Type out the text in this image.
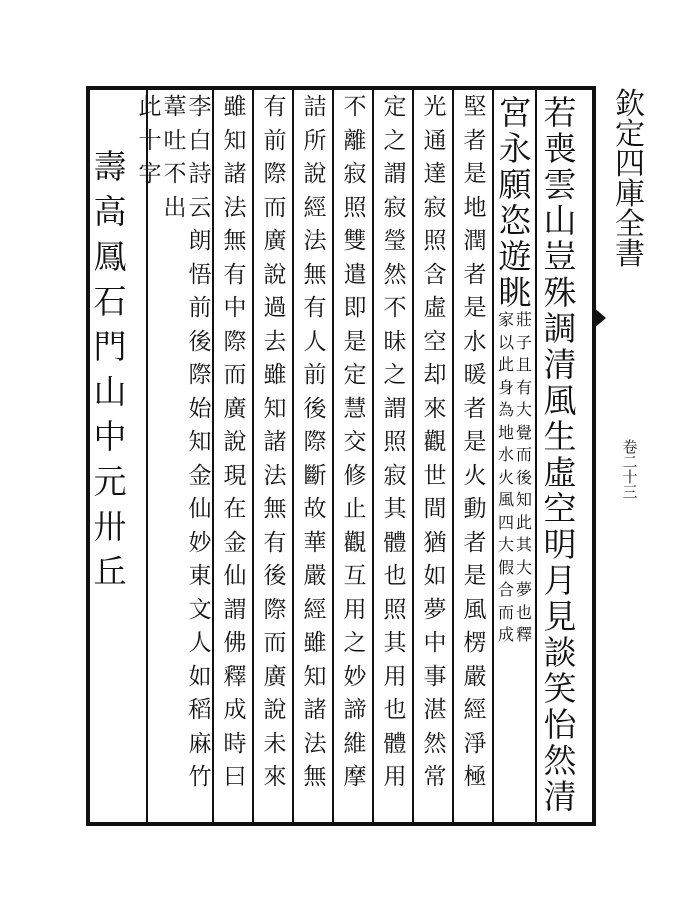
欽
定
四
庫
全
書
卷
二
十
三
若
喪
雲
山
豈
殊
調
清
風
生
虛
空
明
月
見
談
笑
怡
然
清
宮
永
願
恣
遊
眺
莊
子
且
有
大
覺
而
後
知
此
其
大
夢
也
釋
家
以
此
身
為
地
水
火
風
四
大
假
合
而
成
堅
者
是
地
潤
者
是
水
暖
者
是
火
動
者
是
風
楞
嚴
經
淨
極
光
通
達
寂
照
含
虛
空
却
來
觀
世
間
猶
如
夢
中
事
湛
然
常
定
之
謂
寂
瑩
然
不
昧
之
謂
照
寂
其
體
也
照
其
用
也
體
用
不
離
寂
照
雙
遣
即
是
定
慧
交
修
止
觀
互
用
之
妙
諦
維
摩
詰
所
說
經
法
無
有
人
前
後
際
斷
故
華
嚴
經
雖
知
諸
法
無
有
前
際
而
廣
說
過
去
雖
知
諸
法
無
有
後
際
而
廣
說
未
來
雖
知
諸
法
無
有
中
際
而
廣
說
現
在
金
仙
謂
佛
釋
成
時
曰
李
白
詩
云
朗
悟
前
後
際
始
知
金
仙
妙
東
文
人
如
稻
麻
竹
葦
吐
不
出
此
十
字
壽
高
鳳
石
門
山
中
元
卅
丘
